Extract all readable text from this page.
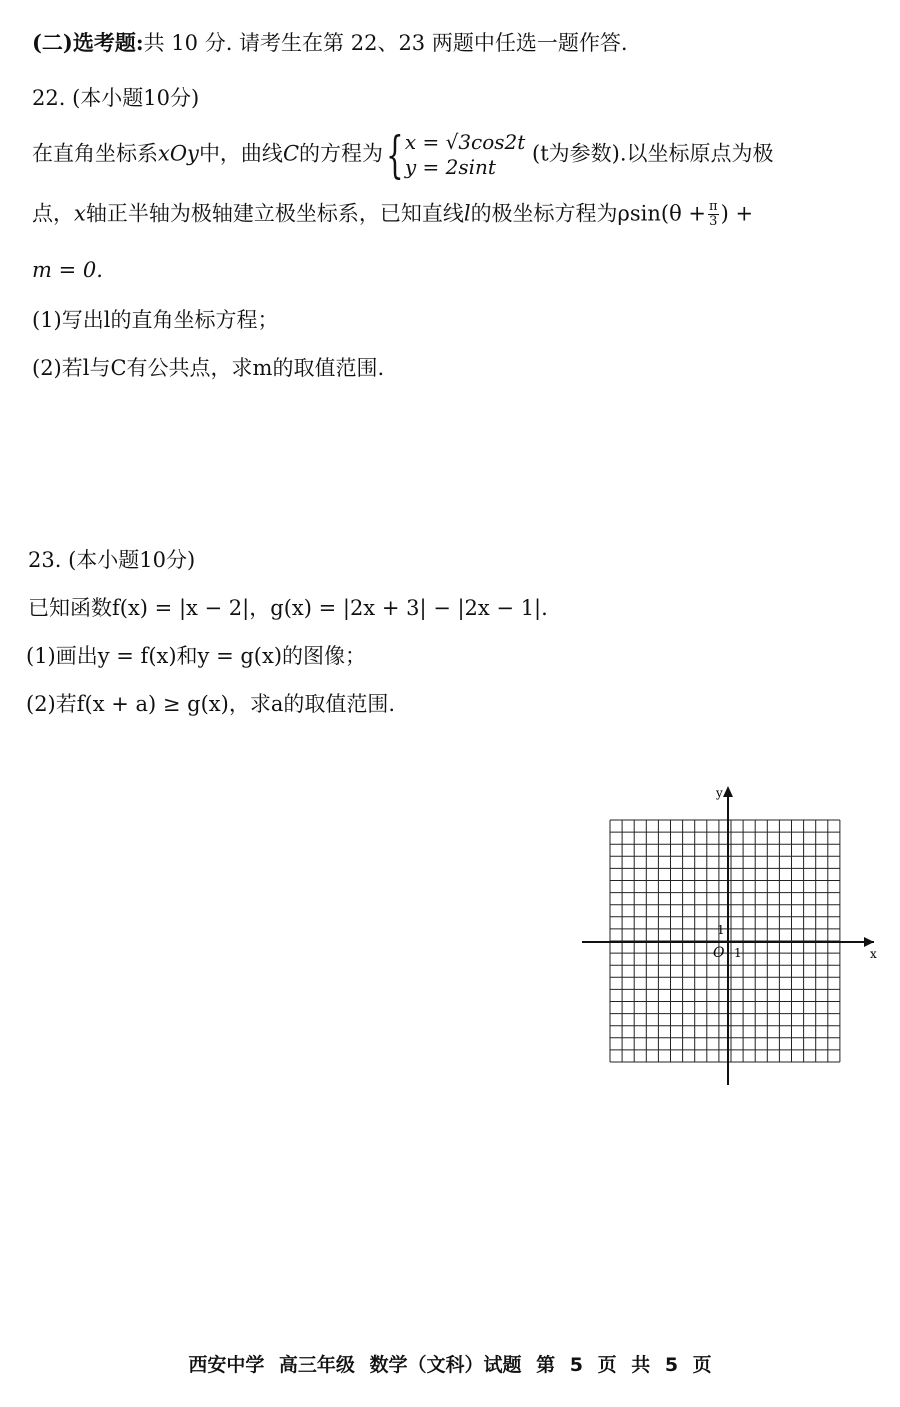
(二)选考题:共 10 分. 请考生在第 22、23 两题中任选一题作答.
22. (本小题10分)
在直角坐标系xOy中，曲线C的方程为{ x = √3cos2t
y = 2sint
(t为参数).以坐标原点为极
点，x轴正半轴为极轴建立极坐标系，已知直线l的极坐标方程为$\rho\sin(\theta + \frac{\pi}{3}$ ) +
m = 0.
(1)写出l的直角坐标方程；
(2)若l与C有公共点，求m的取值范围.
23. (本小题10分)
已知函数f(x) = |x − 2|，g(x) = |2x + 3| − |2x − 1|.
(1)画出y = f(x)和y = g(x)的图像；
(2)若f(x + a) ≥ g(x)，求a的取值范围.
y
x
O 1
1
西安中学 高三年级 数学（文科）试题 第 5 页 共 5 页
